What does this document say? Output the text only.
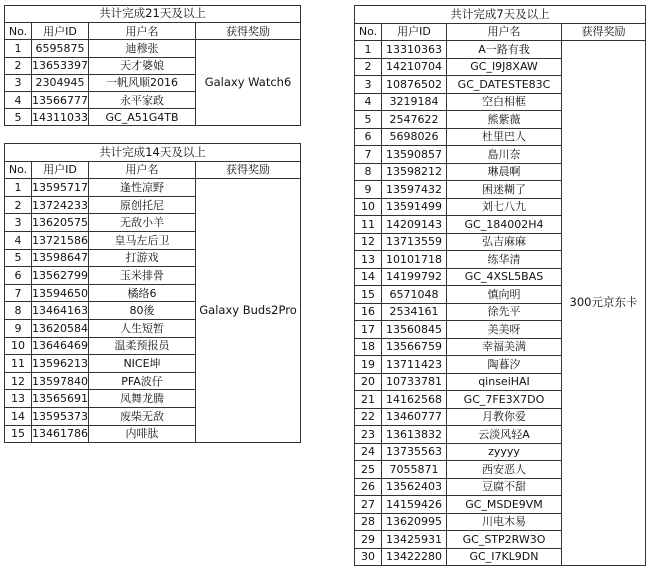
共计完成21天及以上			
No.	用户ID	用户名	获得奖励
1	6595875	迪穆张	Galaxy Watch6
2	13653397	天才婆娘	
3	2304945	一帆风顺2016	
4	13566777	永平家政	
5	14311033	GC_A51G4TB	
共计完成14天及以上			
No.	用户ID	用户名	获得奖励
1	13595717	逢性凉野	Galaxy Buds2Pro
2	13724233	原创托尼	
3	13620575	无敌小羊	
4	13721586	皇马左后卫	
5	13598647	打游戏	
6	13562799	玉米排骨	
7	13594650	橘络6	
8	13464163	80後	
9	13620584	人生短暂	
10	13646469	温柔预报员	
11	13596213	NICE坤	
12	13597840	PFA波仔	
13	13565691	凤舞龙腾	
14	13595373	废柴无敌	
15	13461786	内啡肽	
共计完成7天及以上			
No.	用户ID	用户名	获得奖励
1	13310363	A一路有我	300元京东卡
2	14210704	GC_I9J8XAW	
3	10876502	GC_DATESTE83C	
4	3219184	空白相框	
5	2547622	熊紫薇	
6	5698026	杜里巴人	
7	13590857	島川奈	
8	13598212	琳晨啊	
9	13597432	困迷糊了	
10	13591499	刘七八九	
11	14209143	GC_184002H4	
12	13713559	弘吉麻麻	
13	10101718	练华清	
14	14199792	GC_4XSL5BAS	
15	6571048	慎向明	
16	2534161	徐先平	
17	13560845	美美呀	
18	13566759	幸福美满	
19	13711423	陶暮汐	
20	10733781	qinseiHAI	
21	14162568	GC_7FE3X7DO	
22	13460777	月教你爱	
23	13613832	云淡风轻A	
24	13735563	zyyyy	
25	7055871	西安恶人	
26	13562403	豆腐不甜	
27	14159426	GC_MSDE9VM	
28	13620995	川电木易	
29	13425931	GC_STP2RW3O	
30	13422280	GC_I7KL9DN	
